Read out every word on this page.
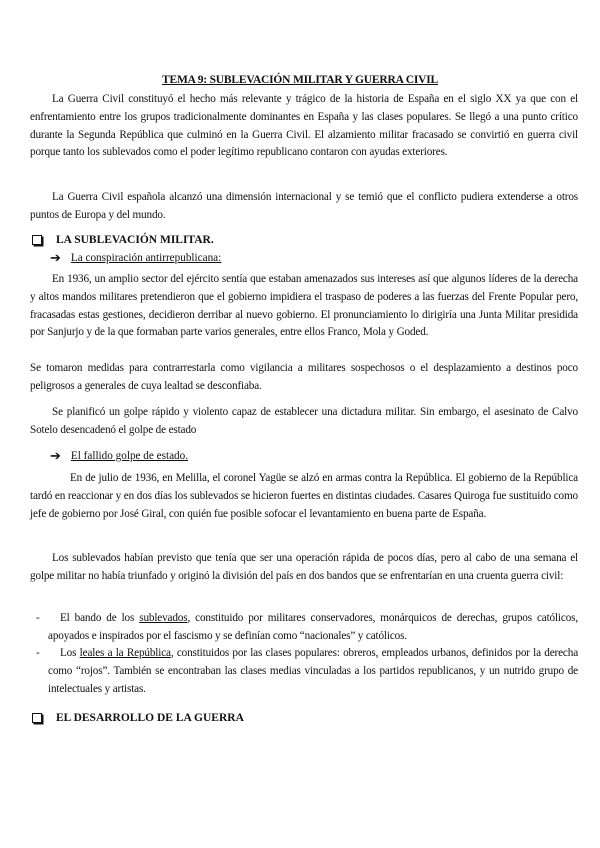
TEMA 9: SUBLEVACIÓN MILITAR Y GUERRA CIVIL

La Guerra Civil constituyó el hecho más relevante y trágico de la historia de España en el siglo XX ya que con el enfrentamiento entre los grupos tradicionalmente dominantes en España y las clases populares. Se llegó a una punto crítico durante la Segunda República que culminó en la Guerra Civil. El alzamiento militar fracasado se convirtió en guerra civil porque tanto los sublevados como el poder legítimo republicano contaron con ayudas exteriores.

La Guerra Civil española alcanzó una dimensión internacional y se temió que el conflicto pudiera extenderse a otros puntos de Europa y del mundo.

LA SUBLEVACIÓN MILITAR.
➔ La conspiración antirrepublicana:

En 1936, un amplio sector del ejército sentía que estaban amenazados sus intereses así que algunos líderes de la derecha y altos mandos militares pretendieron que el gobierno impidiera el traspaso de poderes a las fuerzas del Frente Popular pero, fracasadas estas gestiones, decidieron derribar al nuevo gobierno. El pronunciamiento lo dirigiría una Junta Militar presidida por Sanjurjo y de la que formaban parte varios generales, entre ellos Franco, Mola y Goded.

Se tomaron medidas para contrarrestarla como vigilancia a militares sospechosos o el desplazamiento a destinos poco peligrosos a generales de cuya lealtad se desconfiaba.

Se planificó un golpe rápido y violento capaz de establecer una dictadura militar. Sin embargo, el asesinato de Calvo Sotelo desencadenó el golpe de estado

➔ El fallido golpe de estado.

En de julio de 1936, en Melilla, el coronel Yagüe se alzó en armas contra la República. El gobierno de la República tardó en reaccionar y en dos días los sublevados se hicieron fuertes en distintas ciudades. Casares Quiroga fue sustituido como jefe de gobierno por José Giral, con quién fue posible sofocar el levantamiento en buena parte de España.

Los sublevados habían previsto que tenía que ser una operación rápida de pocos días, pero al cabo de una semana el golpe militar no había triunfado y originó la división del país en dos bandos que se enfrentarían en una cruenta guerra civil:

-	El bando de los sublevados, constituido por militares conservadores, monárquicos de derechas, grupos católicos, apoyados e inspirados por el fascismo y se definían como “nacionales” y católicos.
-	Los leales a la República, constituidos por las clases populares: obreros, empleados urbanos, definidos por la derecha como “rojos”. También se encontraban las clases medias vinculadas a los partidos republicanos, y un nutrido grupo de intelectuales y artistas.
EL DESARROLLO DE LA GUERRA
